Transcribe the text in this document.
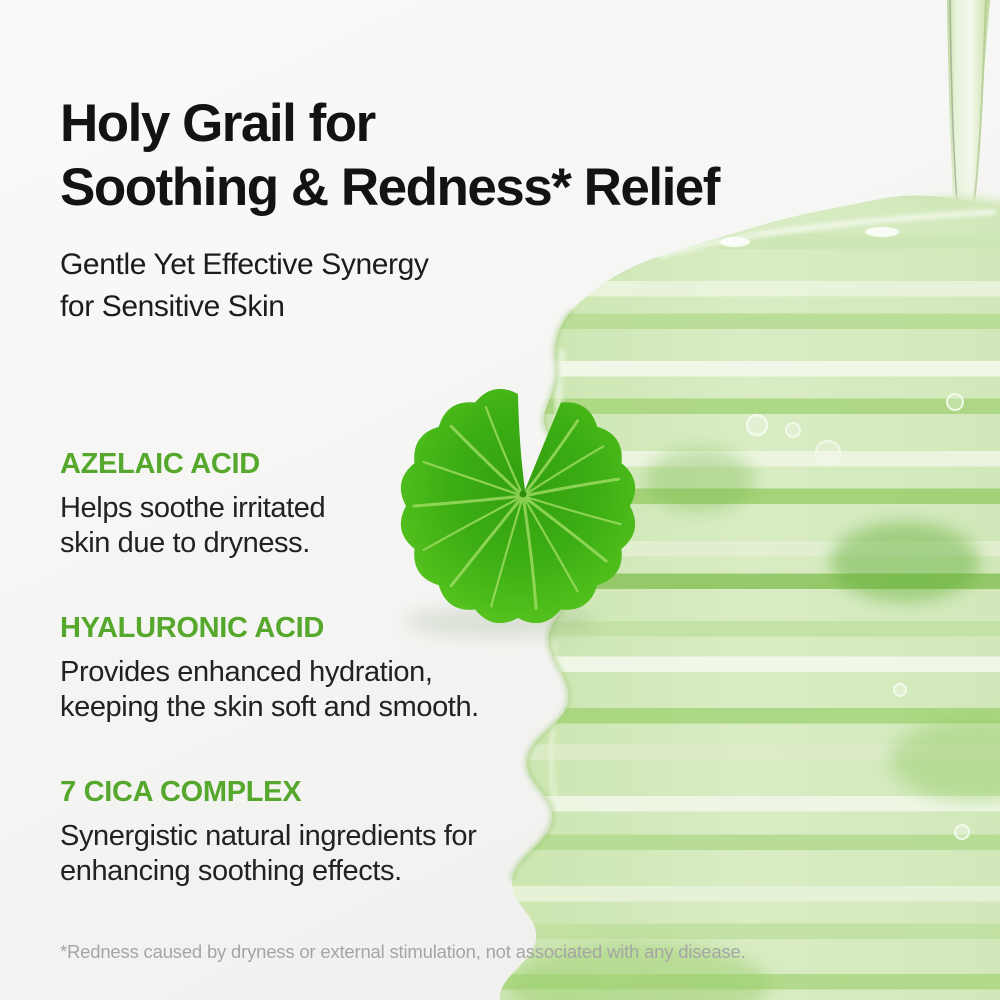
Holy Grail for
Soothing & Redness* Relief

Gentle Yet Effective Synergy
for Sensitive Skin

AZELAIC ACID
Helps soothe irritated
skin due to dryness.
HYALURONIC ACID
Provides enhanced hydration,
keeping the skin soft and smooth.
7 CICA COMPLEX
Synergistic natural ingredients for
enhancing soothing effects.

*Redness caused by dryness or external stimulation, not associated with any disease.
